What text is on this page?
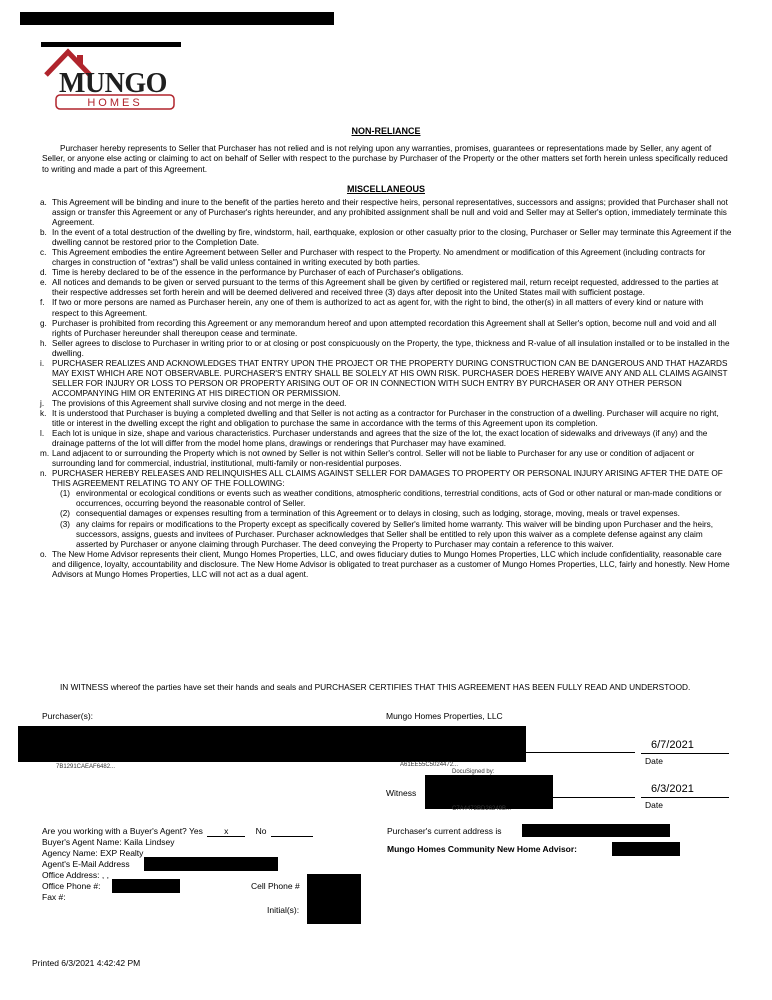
MUNGO
HOMES
NON-RELIANCE
Purchaser hereby represents to Seller that Purchaser has not relied and is not relying upon any warranties, promises, guarantees or representations made by Seller, any agent of Seller, or anyone else acting or claiming to act on behalf of Seller with respect to the purchase by Purchaser of the Property or the other matters set forth herein unless specifically reduced to writing and made a part of this Agreement.
MISCELLANEOUS
a. This Agreement will be binding and inure to the benefit of the parties hereto and their respective heirs, personal representatives, successors and assigns; provided that Purchaser shall not assign or transfer this Agreement or any of Purchaser's rights hereunder, and any prohibited assignment shall be null and void and Seller may at Seller's option, immediately terminate this Agreement.
b. In the event of a total destruction of the dwelling by fire, windstorm, hail, earthquake, explosion or other casualty prior to the closing, Purchaser or Seller may terminate this Agreement if the dwelling cannot be restored prior to the Completion Date.
c. This Agreement embodies the entire Agreement between Seller and Purchaser with respect to the Property. No amendment or modification of this Agreement (including contracts for charges in construction of "extras") shall be valid unless contained in writing executed by both parties.
d. Time is hereby declared to be of the essence in the performance by Purchaser of each of Purchaser's obligations.
e. All notices and demands to be given or served pursuant to the terms of this Agreement shall be given by certified or registered mail, return receipt requested, addressed to the parties at their respective addresses set forth herein and will be deemed delivered and received three (3) days after deposit into the United States mail with sufficient postage.
f. If two or more persons are named as Purchaser herein, any one of them is authorized to act as agent for, with the right to bind, the other(s) in all matters of every kind or nature with respect to this Agreement.
g. Purchaser is prohibited from recording this Agreement or any memorandum hereof and upon attempted recordation this Agreement shall at Seller's option, become null and void and all rights of Purchaser hereunder shall thereupon cease and terminate.
h. Seller agrees to disclose to Purchaser in writing prior to or at closing or post conspicuously on the Property, the type, thickness and R-value of all insulation installed or to be installed in the dwelling.
i. PURCHASER REALIZES AND ACKNOWLEDGES THAT ENTRY UPON THE PROJECT OR THE PROPERTY DURING CONSTRUCTION CAN BE DANGEROUS AND THAT HAZARDS MAY EXIST WHICH ARE NOT OBSERVABLE. PURCHASER'S ENTRY SHALL BE SOLELY AT HIS OWN RISK. PURCHASER DOES HEREBY WAIVE ANY AND ALL CLAIMS AGAINST SELLER FOR INJURY OR LOSS TO PERSON OR PROPERTY ARISING OUT OF OR IN CONNECTION WITH SUCH ENTRY BY PURCHASER OR ANY OTHER PERSON ACCOMPANYING HIM OR ENTERING AT HIS DIRECTION OR PERMISSION.
j. The provisions of this Agreement shall survive closing and not merge in the deed.
k. It is understood that Purchaser is buying a completed dwelling and that Seller is not acting as a contractor for Purchaser in the construction of a dwelling. Purchaser will acquire no right, title or interest in the dwelling except the right and obligation to purchase the same in accordance with the terms of this Agreement upon its completion.
l. Each lot is unique in size, shape and various characteristics. Purchaser understands and agrees that the size of the lot, the exact location of sidewalks and driveways (if any) and the drainage patterns of the lot will differ from the model home plans, drawings or renderings that Purchaser may have examined.
m. Land adjacent to or surrounding the Property which is not owned by Seller is not within Seller's control. Seller will not be liable to Purchaser for any use or condition of adjacent or surrounding land for commercial, industrial, institutional, multi-family or non-residential purposes.
n. PURCHASER HEREBY RELEASES AND RELINQUISHES ALL CLAIMS AGAINST SELLER FOR DAMAGES TO PROPERTY OR PERSONAL INJURY ARISING AFTER THE DATE OF THIS AGREEMENT RELATING TO ANY OF THE FOLLOWING:
(1) environmental or ecological conditions or events such as weather conditions, atmospheric conditions, terrestrial conditions, acts of God or other natural or man-made conditions or occurrences, occurring beyond the reasonable control of Seller.
(2) consequential damages or expenses resulting from a termination of this Agreement or to delays in closing, such as lodging, storage, moving, meals or travel expenses.
(3) any claims for repairs or modifications to the Property except as specifically covered by Seller's limited home warranty. This waiver will be binding upon Purchaser and the heirs, successors, assigns, guests and invitees of Purchaser. Purchaser acknowledges that Seller shall be entitled to rely upon this waiver as a complete defense against any claim asserted by Purchaser or anyone claiming through Purchaser. The deed conveying the Property to Purchaser may contain a reference to this waiver.
o. The New Home Advisor represents their client, Mungo Homes Properties, LLC, and owes fiduciary duties to Mungo Homes Properties, LLC which include confidentiality, reasonable care and diligence, loyalty, accountability and disclosure. The New Home Advisor is obligated to treat purchaser as a customer of Mungo Homes Properties, LLC, fairly and honestly. New Home Advisors at Mungo Homes Properties, LLC will not act as a dual agent.
IN WITNESS whereof the parties have set their hands and seals and PURCHASER CERTIFIES THAT THIS AGREEMENT HAS BEEN FULLY READ AND UNDERSTOOD.
Purchaser(s):	Mungo Homes Properties, LLC
7B1291CAEAF6482...	A61EE55C5024472...
6/7/2021
Date
DocuSigned by:
Witness
C7A4472BD26249B...
6/3/2021
Date
Are you working with a Buyer's Agent? Yes	x	No
Buyer's Agent Name: Kaila Lindsey
Agency Name: EXP Realty
Agent's E-Mail Address
Office Address: , ,
Office Phone #:
Fax #:
Cell Phone #
Initial(s):
Purchaser's current address is
Mungo Homes Community New Home Advisor:
Printed 6/3/2021 4:42:42 PM
